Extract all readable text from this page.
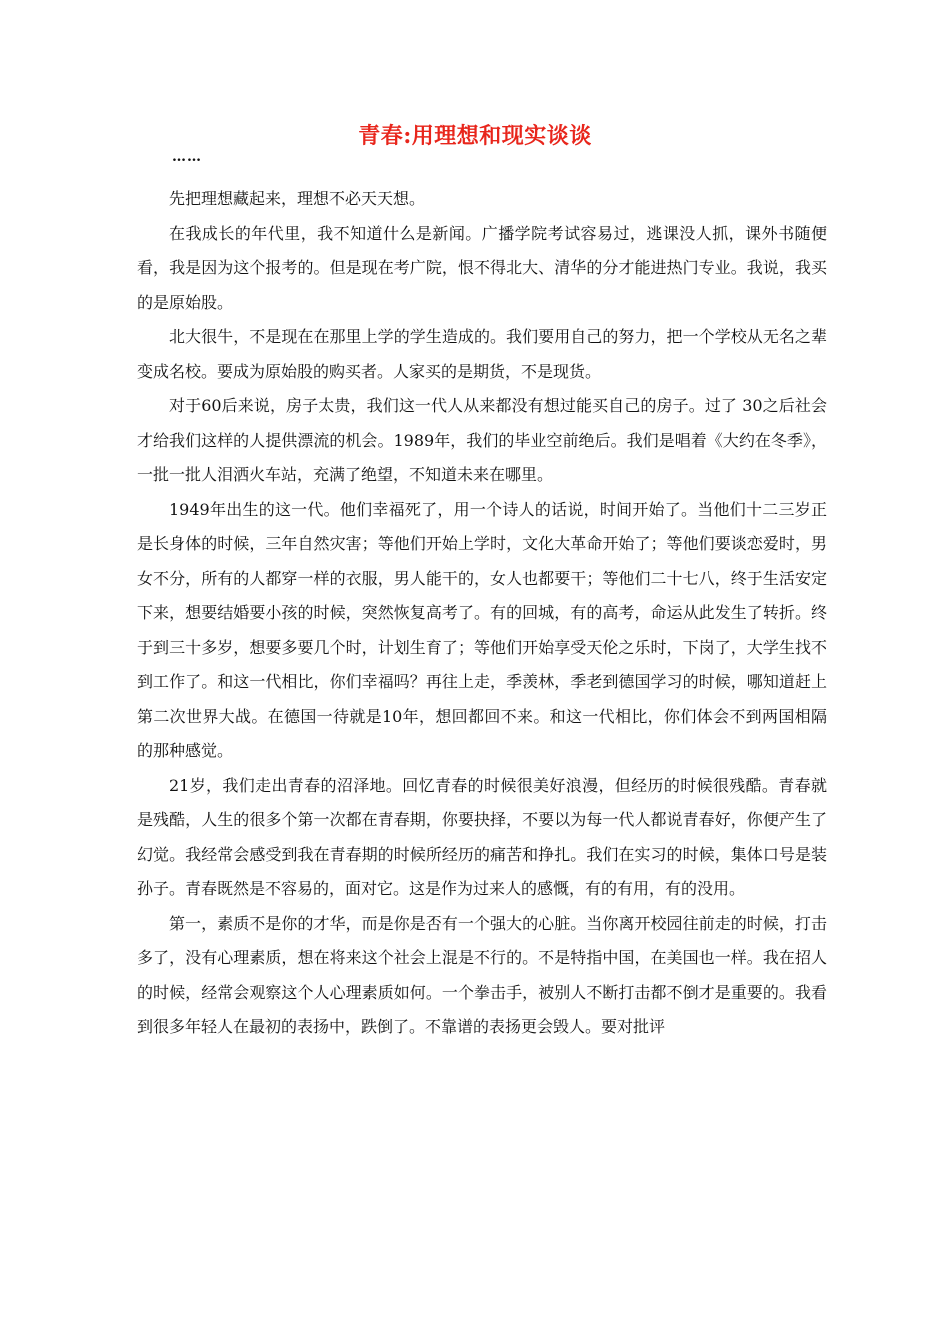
青春:用理想和现实谈谈
……

先把理想藏起来，理想不必天天想。

在我成长的年代里，我不知道什么是新闻。广播学院考试容易过，逃课没人抓，课外书随便看，我是因为这个报考的。但是现在考广院，恨不得北大、清华的分才能进热门专业。我说，我买的是原始股。

北大很牛，不是现在在那里上学的学生造成的。我们要用自己的努力，把一个学校从无名之辈变成名校。要成为原始股的购买者。人家买的是期货，不是现货。

对于60后来说，房子太贵，我们这一代人从来都没有想过能买自己的房子。过了 30之后社会才给我们这样的人提供漂流的机会。1989年，我们的毕业空前绝后。我们是唱着《大约在冬季》，一批一批人泪洒火车站，充满了绝望，不知道未来在哪里。

1949年出生的这一代。他们幸福死了，用一个诗人的话说，时间开始了。当他们十二三岁正是长身体的时候，三年自然灾害；等他们开始上学时，文化大革命开始了；等他们要谈恋爱时，男女不分，所有的人都穿一样的衣服，男人能干的，女人也都要干；等他们二十七八，终于生活安定下来，想要结婚要小孩的时候，突然恢复高考了。有的回城，有的高考，命运从此发生了转折。终于到三十多岁，想要多要几个时，计划生育了；等他们开始享受天伦之乐时，下岗了，大学生找不到工作了。和这一代相比，你们幸福吗？再往上走，季羡林，季老到德国学习的时候，哪知道赶上第二次世界大战。在德国一待就是10年，想回都回不来。和这一代相比，你们体会不到两国相隔的那种感觉。

21岁，我们走出青春的沼泽地。回忆青春的时候很美好浪漫，但经历的时候很残酷。青春就是残酷，人生的很多个第一次都在青春期，你要抉择，不要以为每一代人都说青春好，你便产生了幻觉。我经常会感受到我在青春期的时候所经历的痛苦和挣扎。我们在实习的时候，集体口号是装孙子。青春既然是不容易的，面对它。这是作为过来人的感慨，有的有用，有的没用。

第一，素质不是你的才华，而是你是否有一个强大的心脏。当你离开校园往前走的时候，打击多了，没有心理素质，想在将来这个社会上混是不行的。不是特指中国，在美国也一样。我在招人的时候，经常会观察这个人心理素质如何。一个拳击手，被别人不断打击都不倒才是重要的。我看到很多年轻人在最初的表扬中，跌倒了。不靠谱的表扬更会毁人。要对批评
